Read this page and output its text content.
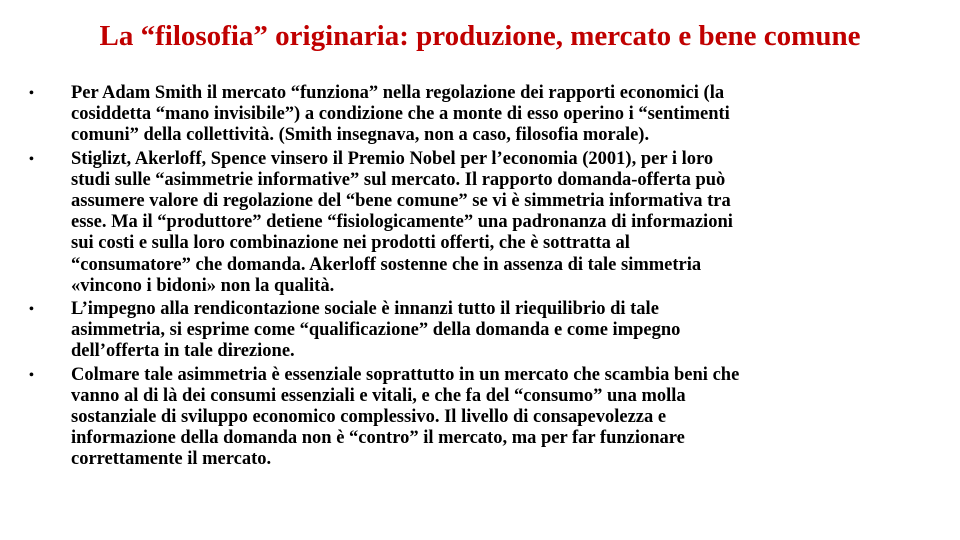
La “filosofia” originaria: produzione, mercato e bene comune
• Per Adam Smith il mercato “funziona” nella regolazione dei rapporti economici (la
cosiddetta “mano invisibile”) a condizione che a monte di esso operino i “sentimenti
comuni” della collettività. (Smith insegnava, non a caso, filosofia morale).
• Stiglizt, Akerloff, Spence vinsero il Premio Nobel per l’economia (2001), per i loro
studi sulle “asimmetrie informative” sul mercato. Il rapporto domanda-offerta può
assumere valore di regolazione del “bene comune” se vi è simmetria informativa tra
esse. Ma il “produttore” detiene “fisiologicamente” una padronanza di informazioni
sui costi e sulla loro combinazione nei prodotti offerti, che è sottratta al
“consumatore” che domanda. Akerloff sostenne che in assenza di tale simmetria
«vincono i bidoni» non la qualità.
• L’impegno alla rendicontazione sociale è innanzi tutto il riequilibrio di tale
asimmetria, si esprime come “qualificazione” della domanda e come impegno
dell’offerta in tale direzione.
• Colmare tale asimmetria è essenziale soprattutto in un mercato che scambia beni che
vanno al di là dei consumi essenziali e vitali, e che fa del “consumo” una molla
sostanziale di sviluppo economico complessivo. Il livello di consapevolezza e
informazione della domanda non è “contro” il mercato, ma per far funzionare
correttamente il mercato.
